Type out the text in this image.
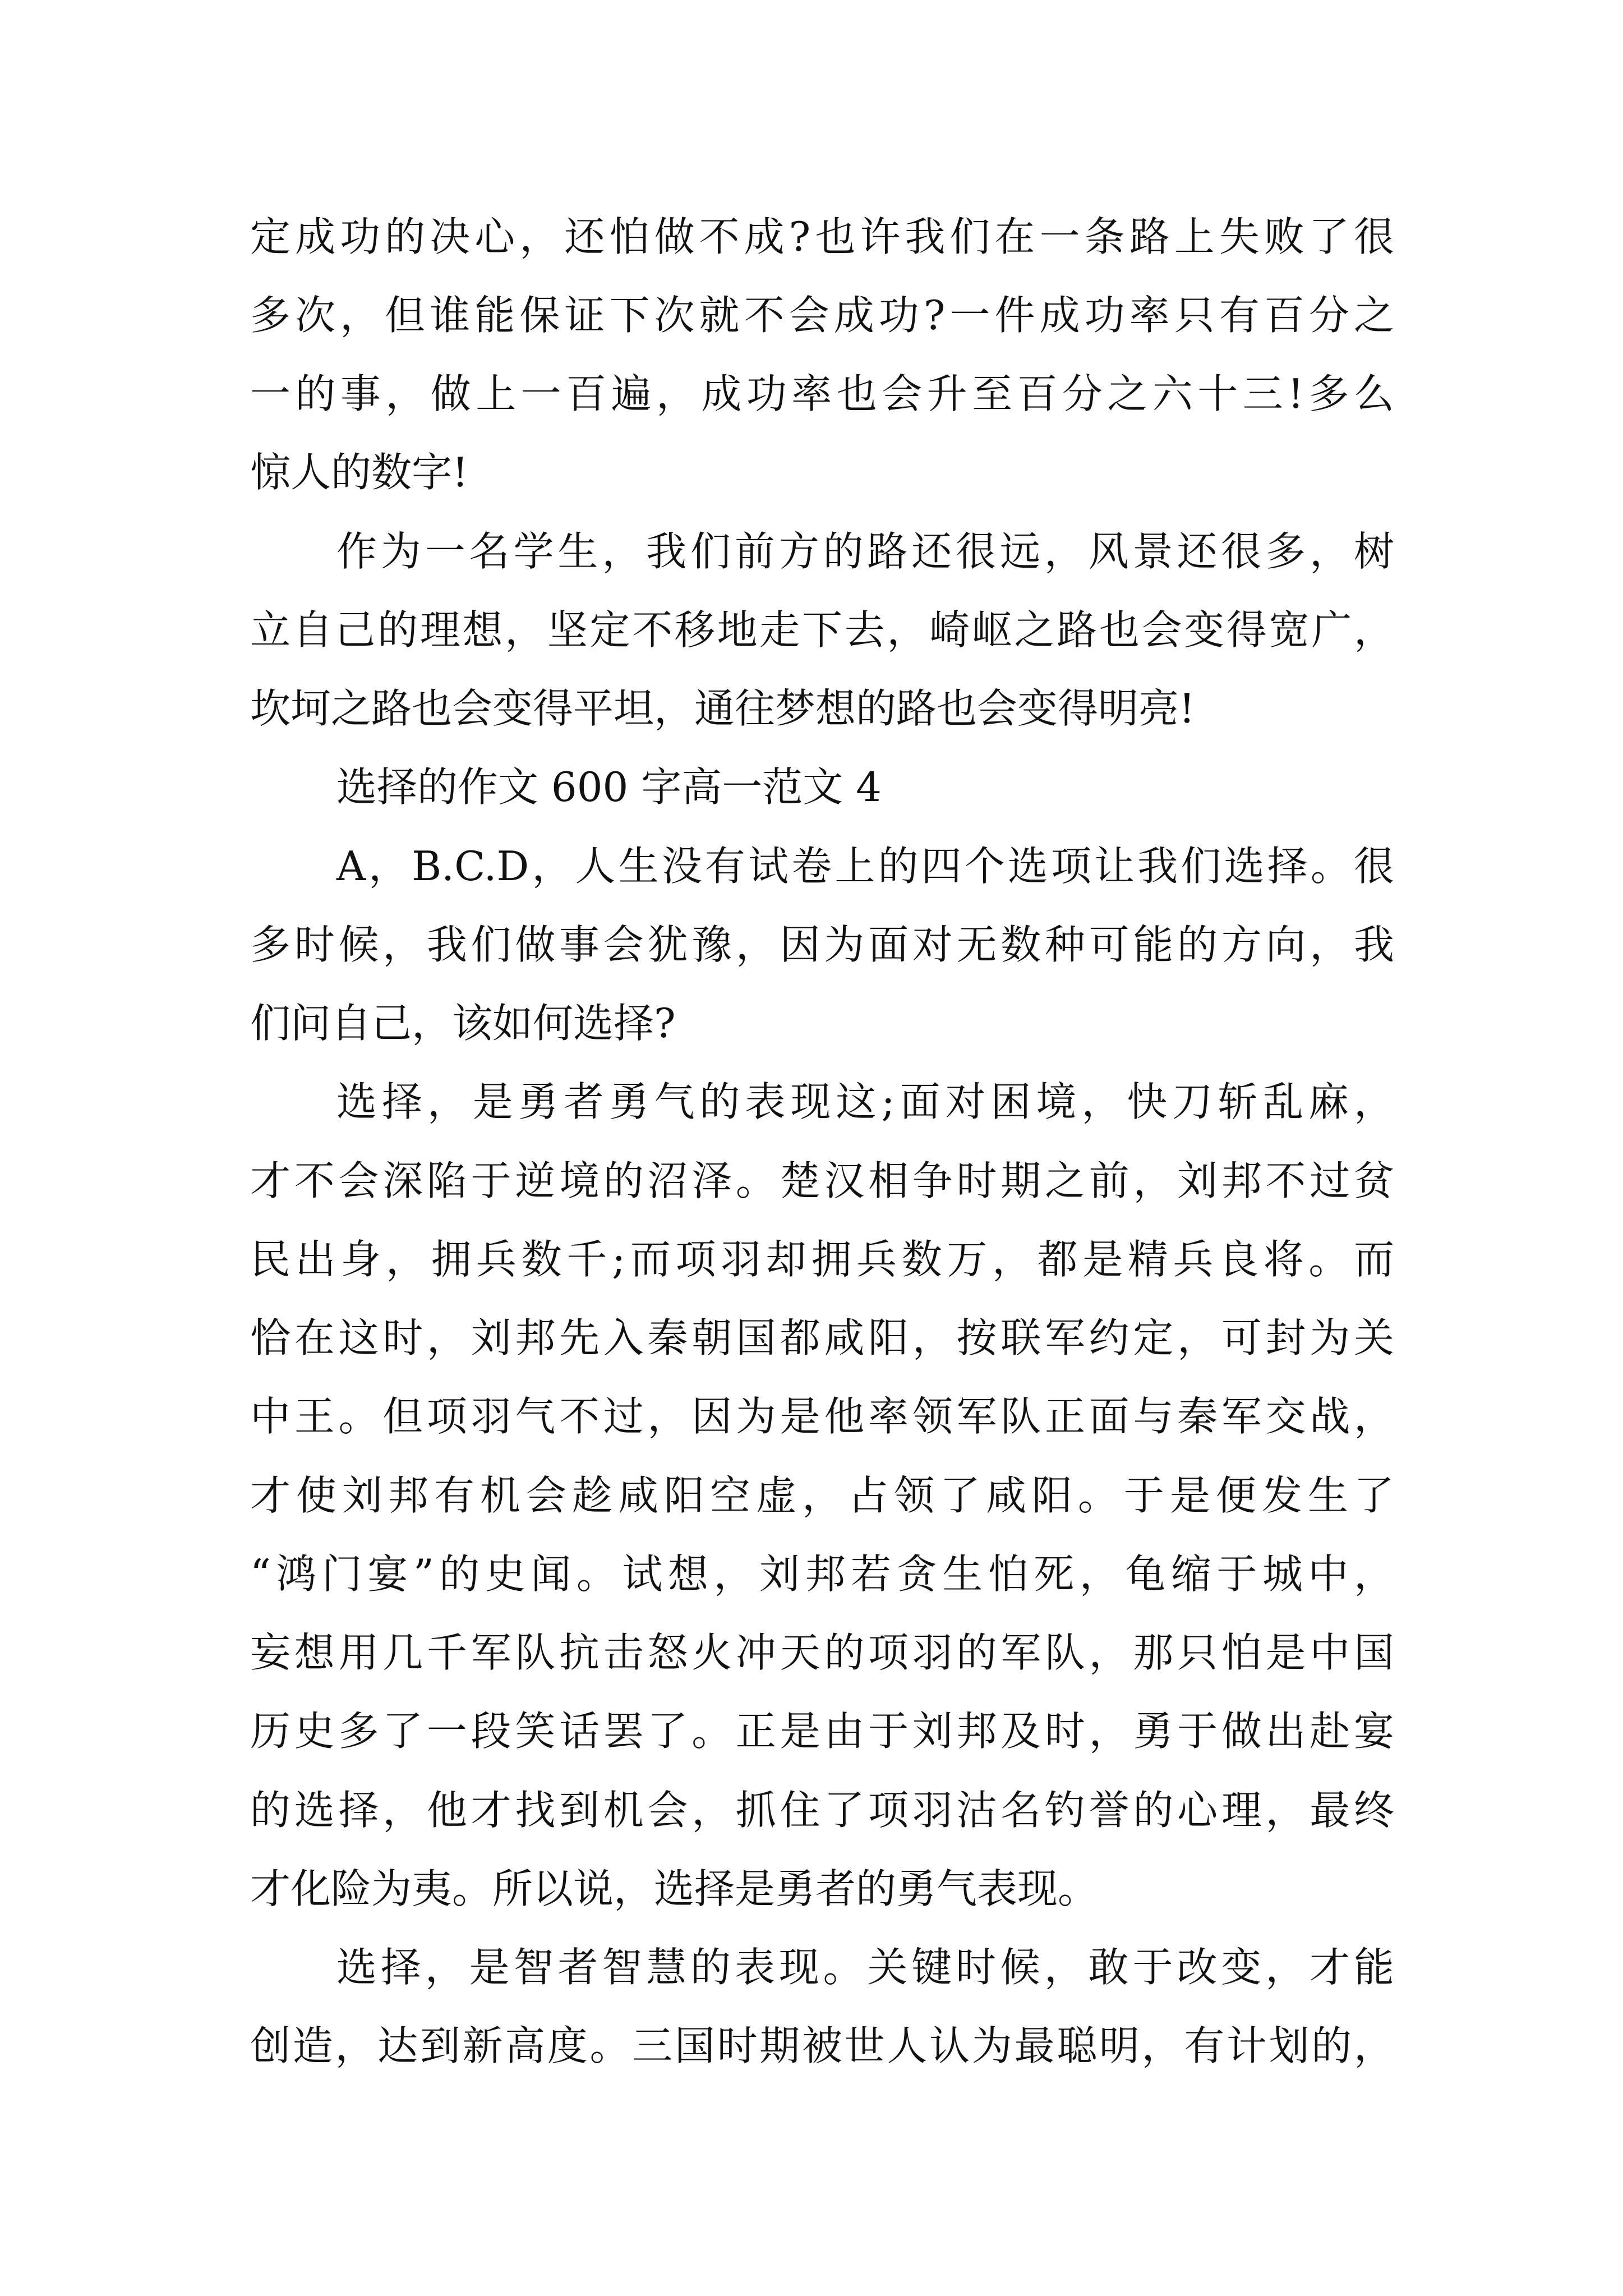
定成功的决心，还怕做不成?也许我们在一条路上失败了很
多次，但谁能保证下次就不会成功?一件成功率只有百分之
一的事，做上一百遍，成功率也会升至百分之六十三!多么
惊人的数字!
作为一名学生，我们前方的路还很远，风景还很多，树
立自己的理想，坚定不移地走下去，崎岖之路也会变得宽广，
坎坷之路也会变得平坦，通往梦想的路也会变得明亮!
选择的作文 600 字高一范文 4
A，B.C.D，人生没有试卷上的四个选项让我们选择。很
多时候，我们做事会犹豫，因为面对无数种可能的方向，我
们问自己，该如何选择?
选择，是勇者勇气的表现这;面对困境，快刀斩乱麻，
才不会深陷于逆境的沼泽。楚汉相争时期之前，刘邦不过贫
民出身，拥兵数千;而项羽却拥兵数万，都是精兵良将。而
恰在这时，刘邦先入秦朝国都咸阳，按联军约定，可封为关
中王。但项羽气不过，因为是他率领军队正面与秦军交战，
才使刘邦有机会趁咸阳空虚，占领了咸阳。于是便发生了
“鸿门宴”的史闻。试想，刘邦若贪生怕死，龟缩于城中，
妄想用几千军队抗击怒火冲天的项羽的军队，那只怕是中国
历史多了一段笑话罢了。正是由于刘邦及时，勇于做出赴宴
的选择，他才找到机会，抓住了项羽沽名钓誉的心理，最终
才化险为夷。所以说，选择是勇者的勇气表现。
选择，是智者智慧的表现。关键时候，敢于改变，才能
创造，达到新高度。三国时期被世人认为最聪明，有计划的，
